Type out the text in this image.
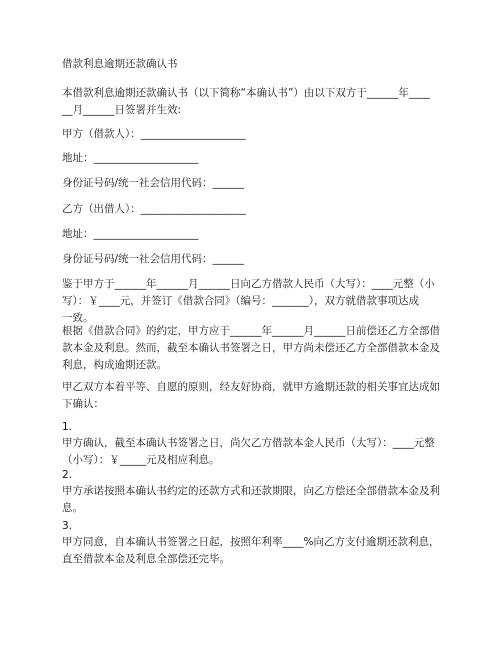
借款利息逾期还款确认书

本借款利息逾期还款确认书（以下简称“本确认书”）由以下双方于______年____
__月______日签署并生效:

甲方（借款人）：____________________

地址：____________________

身份证号码/统一社会信用代码：______

乙方（出借人）：____________________

地址：____________________

身份证号码/统一社会信用代码：______

鉴于甲方于______年______月______日向乙方借款人民币（大写）：____元整（小
写）：￥____元，并签订《借款合同》（编号：_______），双方就借款事项达成
一致。

根据《借款合同》的约定，甲方应于______年______月______日前偿还乙方全部借
款本金及利息。然而，截至本确认书签署之日，甲方尚未偿还乙方全部借款本金及
利息，构成逾期还款。

甲乙双方本着平等、自愿的原则，经友好协商，就甲方逾期还款的相关事宜达成如
下确认：

1.

甲方确认，截至本确认书签署之日，尚欠乙方借款本金人民币（大写）：____元整
（小写）：￥_____元及相应利息。

2.

甲方承诺按照本确认书约定的还款方式和还款期限，向乙方偿还全部借款本金及利
息。

3.

甲方同意，自本确认书签署之日起，按照年利率____%向乙方支付逾期还款利息，
直至借款本金及利息全部偿还完毕。
